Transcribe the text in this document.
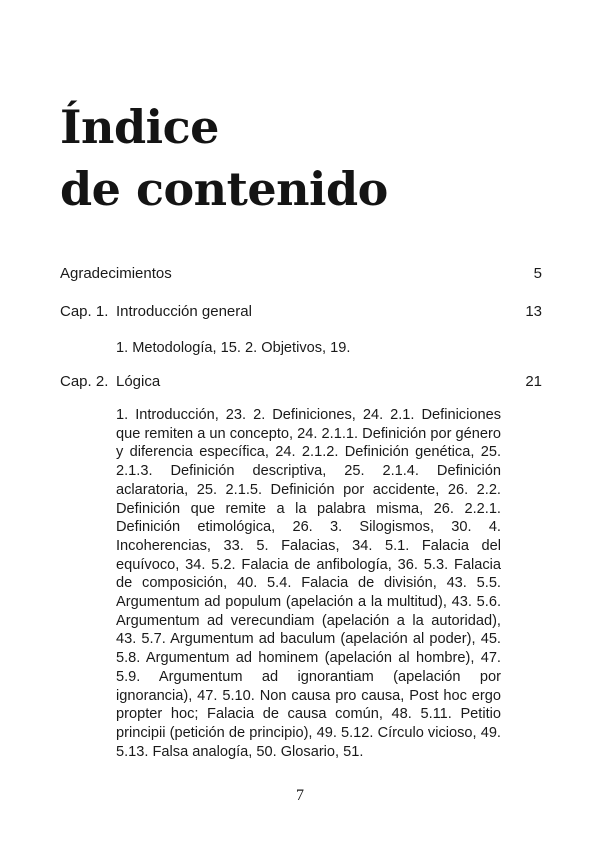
Índice
de contenido
Agradecimientos	5
Cap. 1. Introducción general	13
1. Metodología, 15. 2. Objetivos, 19.
Cap. 2. Lógica	21
1. Introducción, 23. 2. Definiciones, 24. 2.1. Definiciones que remiten a un concepto, 24. 2.1.1. Definición por género y diferencia específica, 24. 2.1.2. Definición genética, 25. 2.1.3. Definición descriptiva, 25. 2.1.4. Definición aclaratoria, 25. 2.1.5. Definición por accidente, 26. 2.2. Definición que remite a la palabra misma, 26. 2.2.1. Definición etimológica, 26. 3. Silogismos, 30. 4. Incoherencias, 33. 5. Falacias, 34. 5.1. Falacia del equívoco, 34. 5.2. Falacia de anfibología, 36. 5.3. Falacia de composición, 40. 5.4. Falacia de división, 43. 5.5. Argumentum ad populum (apelación a la multitud), 43. 5.6. Argumentum ad verecundiam (apelación a la autoridad), 43. 5.7. Argumentum ad baculum (apelación al poder), 45. 5.8. Argumentum ad hominem (apelación al hombre), 47. 5.9. Argumentum ad ignorantiam (apelación por ignorancia), 47. 5.10. Non causa pro causa, Post hoc ergo propter hoc; Falacia de causa común, 48. 5.11. Petitio principii (petición de principio), 49. 5.12. Círculo vicioso, 49. 5.13. Falsa analogía, 50. Glosario, 51.
7
